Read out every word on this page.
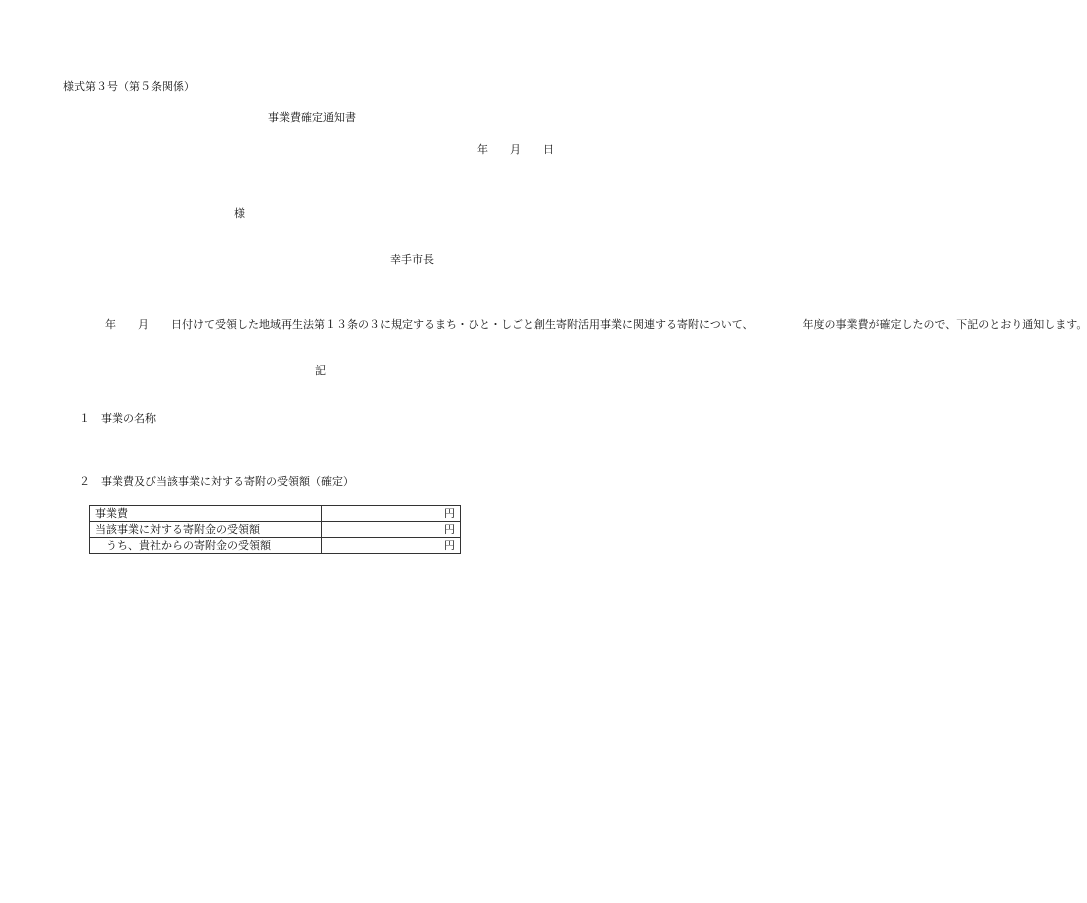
様式第３号（第５条関係）
事業費確定通知書
年　　月　　日
様
幸手市長
年　　月　　日付けて受領した地域再生法第１３条の３に規定するまち・ひと・しごと創生寄附活用事業に関連する寄附について、	年度の事業費が確定したので、下記のとおり通知します。
記
１　事業の名称
２　事業費及び当該事業に対する寄附の受領額（確定）
事業費	円
当該事業に対する寄附金の受領額	円
うち、貴社からの寄附金の受領額	円
